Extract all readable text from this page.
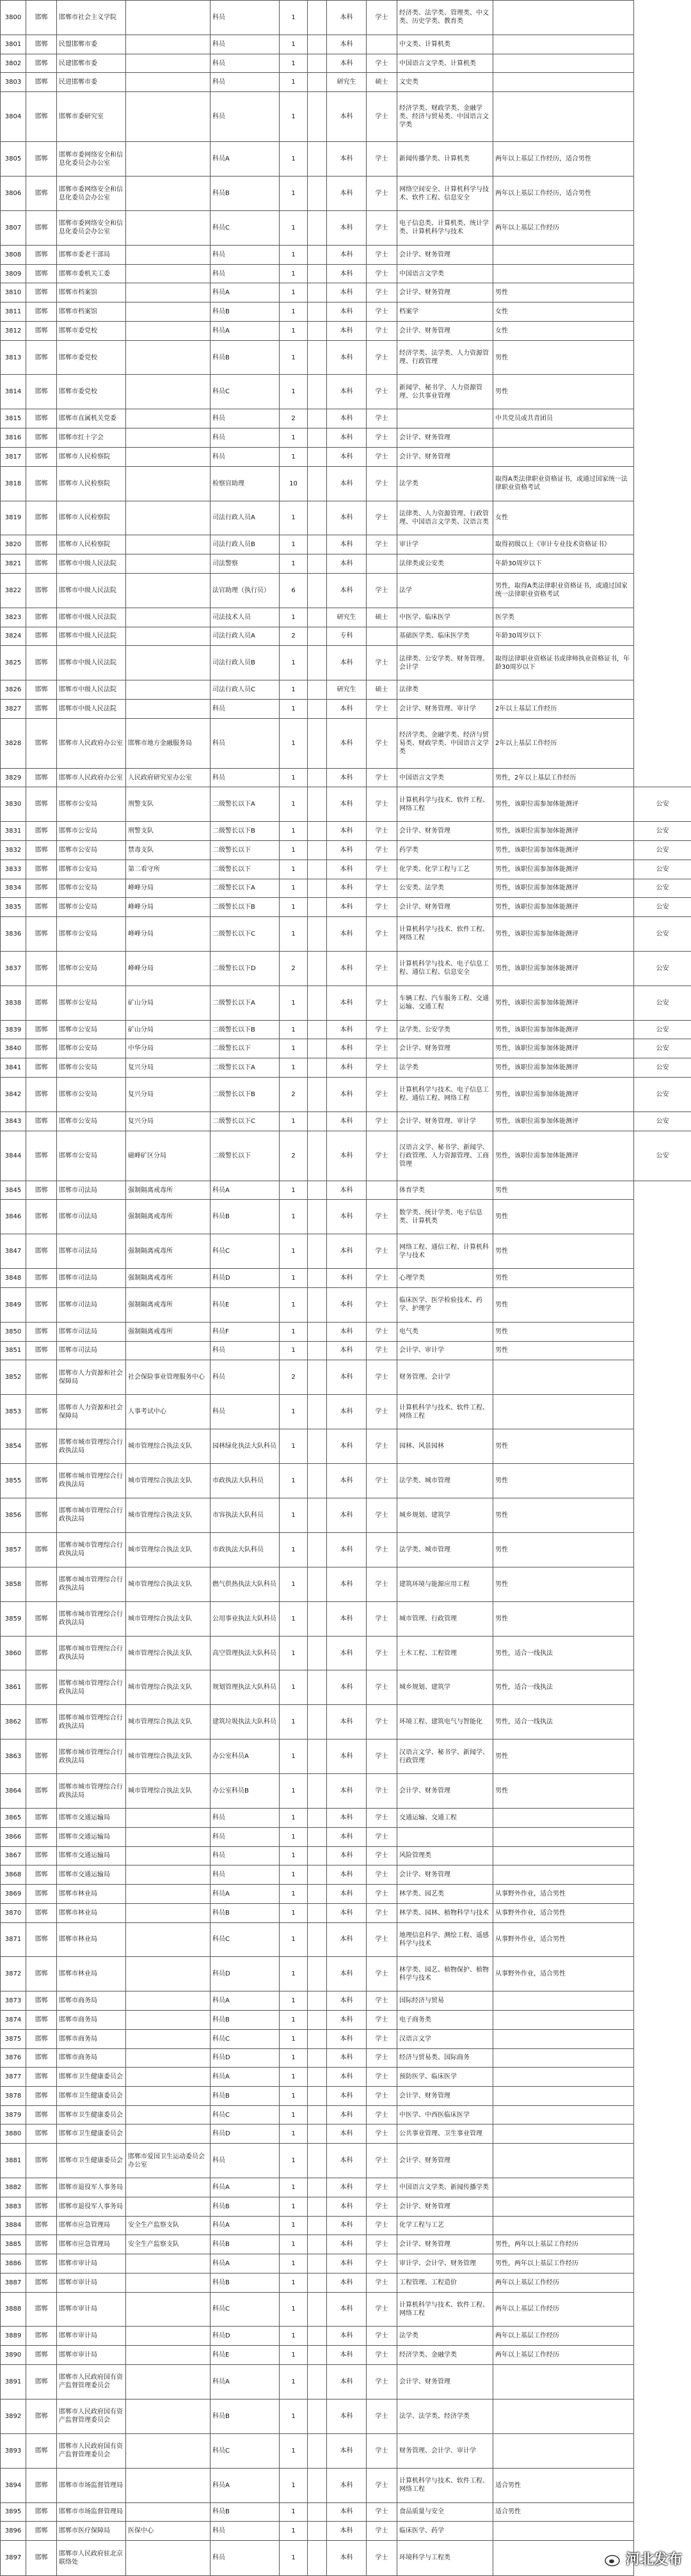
3800	邯郸	邯郸市社会主义学院		科员	1		本科	学士	经济类、法学类、管理类、中文类、历史学类、教育类		
3801	邯郸	民盟邯郸市委		科员	1		本科		中文类、计算机类		
3802	邯郸	民建邯郸市委		科员	1		本科	学士	中国语言文学类、计算机类		
3803	邯郸	民进邯郸市委		科员	1		研究生	硕士	文史类		
3804	邯郸	邯郸市委研究室		科员	1		本科	学士	经济学类、财政学类、金融学类、经济与贸易类、中国语言文学类		
3805	邯郸	邯郸市委网络安全和信息化委员会办公室		科员A	1		本科	学士	新闻传播学类、计算机类	两年以上基层工作经历，适合男性	
3806	邯郸	邯郸市委网络安全和信息化委员会办公室		科员B	1		本科	学士	网络空间安全、计算机科学与技术、软件工程、信息安全	两年以上基层工作经历，适合男性	
3807	邯郸	邯郸市委网络安全和信息化委员会办公室		科员C	1		本科	学士	电子信息类、计算机类、统计学类、计算机科学与技术	两年以上基层工作经历	
3808	邯郸	邯郸市委老干部局		科员	1		本科	学士	会计学、财务管理		
3809	邯郸	邯郸市委机关工委		科员	1		本科	学士	中国语言文学类		
3810	邯郸	邯郸市档案馆		科员A	1		本科	学士	会计学、财务管理	男性	
3811	邯郸	邯郸市档案馆		科员B	1		本科	学士	档案学	女性	
3812	邯郸	邯郸市委党校		科员A	1		本科	学士	会计学、财务管理	女性	
3813	邯郸	邯郸市委党校		科员B	1		本科	学士	经济学类、法学类、人力资源管理、行政管理	男性	
3814	邯郸	邯郸市委党校		科员C	1		本科	学士	新闻学、秘书学、人力资源管理、公共事业管理	男性	
3815	邯郸	邯郸市直属机关党委		科员	2		本科	学士		中共党员或共青团员	
3816	邯郸	邯郸市红十字会		科员	1		本科	学士	会计学、财务管理		
3817	邯郸	邯郸市人民检察院		科员	1		本科	学士	会计学、财务管理		
3818	邯郸	邯郸市人民检察院		检察官助理	10		本科	学士	法学类	取得A类法律职业资格证书，或通过国家统一法律职业资格考试	
3819	邯郸	邯郸市人民检察院		司法行政人员A	1		本科	学士	法律类、人力资源管理、行政管理、中国语言文学类、汉语言类	女性	
3820	邯郸	邯郸市人民检察院		司法行政人员B	1		本科	学士	审计学	取得初级以上《审计专业技术资格证书》	
3821	邯郸	邯郸市中级人民法院		司法警察	1		本科		法律类或公安类	年龄30周岁以下	
3822	邯郸	邯郸市中级人民法院		法官助理（执行员）	6		本科	学士	法学	男性，取得A类法律职业资格证书，或通过国家统一法律职业资格考试	
3823	邯郸	邯郸市中级人民法院		司法技术人员	1		研究生	硕士	中医学、临床医学	医学类	
3824	邯郸	邯郸市中级人民法院		司法行政人员A	2		专科		基础医学类、临床医学类	年龄30周岁以下	
3825	邯郸	邯郸市中级人民法院		司法行政人员B	1		本科	学士	法律类、公安学类、财务管理、会计学	取得法律职业资格证书或律师执业资格证书，年龄30周岁以下	
3826	邯郸	邯郸市中级人民法院		司法行政人员C	1		研究生	硕士	法律类		
3827	邯郸	邯郸市中级人民法院		科员	1		本科	学士	会计学、财务管理、审计学	2年以上基层工作经历	
3828	邯郸	邯郸市人民政府办公室	邯郸市地方金融服务局	科员	1		本科	学士	经济学类、金融学类、经济与贸易类、财政学类、中国语言文学类	2年以上基层工作经历	
3829	邯郸	邯郸市人民政府办公室	人民政府研究室办公室	科员	1		本科	学士	中国语言文学类	男性，2年以上基层工作经历	
3830	邯郸	邯郸市公安局	刑警支队	二级警长以下A	1		本科	学士	计算机科学与技术、软件工程、网络工程	男性，该职位需参加体能测评	公安
3831	邯郸	邯郸市公安局	刑警支队	二级警长以下B	1		本科	学士	会计学、财务管理	男性，该职位需参加体能测评	公安
3832	邯郸	邯郸市公安局	禁毒支队	二级警长以下	1		本科	学士	药学类	男性，该职位需参加体能测评	公安
3833	邯郸	邯郸市公安局	第二看守所	二级警长以下	1		本科	学士	化学类、化学工程与工艺	男性，该职位需参加体能测评	公安
3834	邯郸	邯郸市公安局	峰峰分局	二级警长以下A	1		本科	学士	公安类、法学类	男性，该职位需参加体能测评	公安
3835	邯郸	邯郸市公安局	峰峰分局	二级警长以下B	1		本科	学士	会计学、财务管理	男性，该职位需参加体能测评	公安
3836	邯郸	邯郸市公安局	峰峰分局	二级警长以下C	1		本科	学士	计算机科学与技术、软件工程、网络工程	男性，该职位需参加体能测评	公安
3837	邯郸	邯郸市公安局	峰峰分局	二级警长以下D	2		本科	学士	计算机科学与技术、电子信息工程、通信工程、信息安全	男性，该职位需参加体能测评	公安
3838	邯郸	邯郸市公安局	矿山分局	二级警长以下A	1		本科	学士	车辆工程、汽车服务工程、交通运输、交通工程	男性，该职位需参加体能测评	公安
3839	邯郸	邯郸市公安局	矿山分局	二级警长以下B	1		本科	学士	法学类、公安学类	男性，该职位需参加体能测评	公安
3840	邯郸	邯郸市公安局	中华分局	二级警长以下	1		本科	学士	会计学、财务管理	男性，该职位需参加体能测评	公安
3841	邯郸	邯郸市公安局	复兴分局	二级警长以下A	1		本科	学士	法学类	男性，该职位需参加体能测评	公安
3842	邯郸	邯郸市公安局	复兴分局	二级警长以下B	2		本科	学士	计算机科学与技术、电子信息工程、通信工程、网络工程	男性，该职位需参加体能测评	公安
3843	邯郸	邯郸市公安局	复兴分局	二级警长以下C	1		本科	学士	会计学、财务管理、审计学	男性，该职位需参加体能测评	公安
3844	邯郸	邯郸市公安局	磁峰矿区分局	二级警长以下	2		本科	学士	汉语言文学、秘书学、新闻学、行政管理、人力资源管理、工商管理	男性，该职位需参加体能测评	公安
3845	邯郸	邯郸市司法局	强制隔离戒毒所	科员A	1		本科		体育学类	男性	
3846	邯郸	邯郸市司法局	强制隔离戒毒所	科员B	1		本科	学士	数学类、统计学类、电子信息类、计算机类	男性	
3847	邯郸	邯郸市司法局	强制隔离戒毒所	科员C	1		本科	学士	网络工程、通信工程、计算机科学与技术	男性	
3848	邯郸	邯郸市司法局	强制隔离戒毒所	科员D	1		本科	学士	心理学类	男性	
3849	邯郸	邯郸市司法局	强制隔离戒毒所	科员E	1		本科	学士	临床医学、医学检验技术、药学、护理学	男性	
3850	邯郸	邯郸市司法局	强制隔离戒毒所	科员F	1		本科	学士	电气类	男性	
3851	邯郸	邯郸市司法局		科员	1		本科	学士	会计学、审计学	男性	
3852	邯郸	邯郸市人力资源和社会保障局	社会保险事业管理服务中心	科员	2		本科	学士	财务管理、会计学		
3853	邯郸	邯郸市人力资源和社会保障局	人事考试中心	科员	1		本科	学士	计算机科学与技术、软件工程、网络工程		
3854	邯郸	邯郸市城市管理综合行政执法局	城市管理综合执法支队	园林绿化执法大队科员	1		本科	学士	园林、风景园林	男性	
3855	邯郸	邯郸市城市管理综合行政执法局	城市管理综合执法支队	市政执法大队科员	1		本科	学士	法学类、城市管理	男性	
3856	邯郸	邯郸市城市管理综合行政执法局	城市管理综合执法支队	市容执法大队科员	1		本科	学士	城乡规划、建筑学	男性	
3857	邯郸	邯郸市城市管理综合行政执法局	城市管理综合执法支队	市政执法大队科员	1		本科	学士	法学类、城市管理	男性	
3858	邯郸	邯郸市城市管理综合行政执法局	城市管理综合执法支队	燃气供热执法大队科员	1		本科	学士	建筑环境与能源应用工程	男性	
3859	邯郸	邯郸市城市管理综合行政执法局	城市管理综合执法支队	公用事业执法大队科员	1		本科	学士	城市管理、行政管理	男性	
3860	邯郸	邯郸市城市管理综合行政执法局	城市管理综合执法支队	高空管理执法大队科员	1		本科	学士	土木工程、工程管理	男性，适合一线执法	
3861	邯郸	邯郸市城市管理综合行政执法局	城市管理综合执法支队	规划管理执法大队科员	1		本科	学士	城乡规划、建筑学	男性，适合一线执法	
3862	邯郸	邯郸市城市管理综合行政执法局	城市管理综合执法支队	建筑垃圾执法大队科员	1		本科	学士	环境工程、建筑电气与智能化	男性，适合一线执法	
3863	邯郸	邯郸市城市管理综合行政执法局	城市管理综合执法支队	办公室科员A	1		本科	学士	汉语言文学、秘书学、新闻学、行政管理	男性	
3864	邯郸	邯郸市城市管理综合行政执法局	城市管理综合执法支队	办公室科员B	1		本科	学士	会计学、财务管理	男性	
3865	邯郸	邯郸市交通运输局		科员	1		本科	学士	交通运输、交通工程		
3866	邯郸	邯郸市交通运输局		科员	1		本科	学士			
3867	邯郸	邯郸市交通运输局		科员	1		本科	学士	风险管理类		
3868	邯郸	邯郸市交通运输局		科员	1		本科	学士	会计学、财务管理		
3869	邯郸	邯郸市林业局		科员A	1		本科	学士	林学类、园艺类	从事野外作业，适合男性	
3870	邯郸	邯郸市林业局		科员B	1		本科	学士	林学类、园林、植物科学与技术	从事野外作业，适合男性	
3871	邯郸	邯郸市林业局		科员C	1		本科	学士	地理信息科学、测绘工程、遥感科学与技术	从事野外作业，适合男性	
3872	邯郸	邯郸市林业局		科员D	1		本科	学士	林学类、园艺、植物保护、植物科学与技术	从事野外作业，适合男性	
3873	邯郸	邯郸市商务局		科员A	1		本科	学士	国际经济与贸易		
3874	邯郸	邯郸市商务局		科员B	1		本科	学士	电子商务类		
3875	邯郸	邯郸市商务局		科员C	1		本科	学士	汉语言文学		
3876	邯郸	邯郸市商务局		科员D	1		本科	学士	经济与贸易类、国际商务		
3877	邯郸	邯郸市卫生健康委员会		科员A	1		本科	学士	预防医学、临床医学		
3878	邯郸	邯郸市卫生健康委员会		科员B	1		本科	学士	会计学、财务管理		
3879	邯郸	邯郸市卫生健康委员会		科员C	1		本科	学士	中医学、中西医临床医学		
3880	邯郸	邯郸市卫生健康委员会		科员D	1		本科	学士	公共事业管理、卫生事业管理		
3881	邯郸	邯郸市卫生健康委员会	邯郸市爱国卫生运动委员会办公室	科员	1		本科	学士	会计学、财务管理		
3882	邯郸	邯郸市退役军人事务局		科员A	1		本科	学士	中国语言文学类、新闻传播学类		
3883	邯郸	邯郸市退役军人事务局		科员B	1		本科	学士	会计学、财务管理		
3884	邯郸	邯郸市应急管理局	安全生产监察支队	科员A	1		本科	学士	化学工程与工艺		
3885	邯郸	邯郸市应急管理局	安全生产监察支队	科员B	1		本科	学士	会计学、财务管理	男性，两年以上基层工作经历	
3886	邯郸	邯郸市审计局		科员A	1		本科	学士	审计学、会计学、财务管理	男性，两年以上基层工作经历	
3887	邯郸	邯郸市审计局		科员B	1		本科	学士	工程管理、工程造价	两年以上基层工作经历	
3888	邯郸	邯郸市审计局		科员C	1		本科	学士	计算机科学与技术、软件工程、网络工程	两年以上基层工作经历	
3889	邯郸	邯郸市审计局		科员D	1		本科	学士	法学类	两年以上基层工作经历	
3890	邯郸	邯郸市审计局		科员E	1		本科	学士	经济学类、金融学类	两年以上基层工作经历	
3891	邯郸	邯郸市人民政府国有资产监督管理委员会		科员A	1		本科	学士	会计学、财务管理		
3892	邯郸	邯郸市人民政府国有资产监督管理委员会		科员B	1		本科	学士	法学、法学类、经济学类		
3893	邯郸	邯郸市人民政府国有资产监督管理委员会		科员C	1		本科	学士	财务管理、会计学、审计学		
3894	邯郸	邯郸市市场监督管理局		科员A	1		本科	学士	计算机科学与技术、软件工程、网络工程	适合男性	
3895	邯郸	邯郸市市场监督管理局		科员B	1		本科	学士	食品质量与安全	适合男性	
3896	邯郸	邯郸市医疗保障局	医保中心	科员	1		本科	学士	临床医学、药学		
3897	邯郸	邯郸市人民政府驻北京联络处		科员	1		本科	学士	环境科学与工程类			河北发布
